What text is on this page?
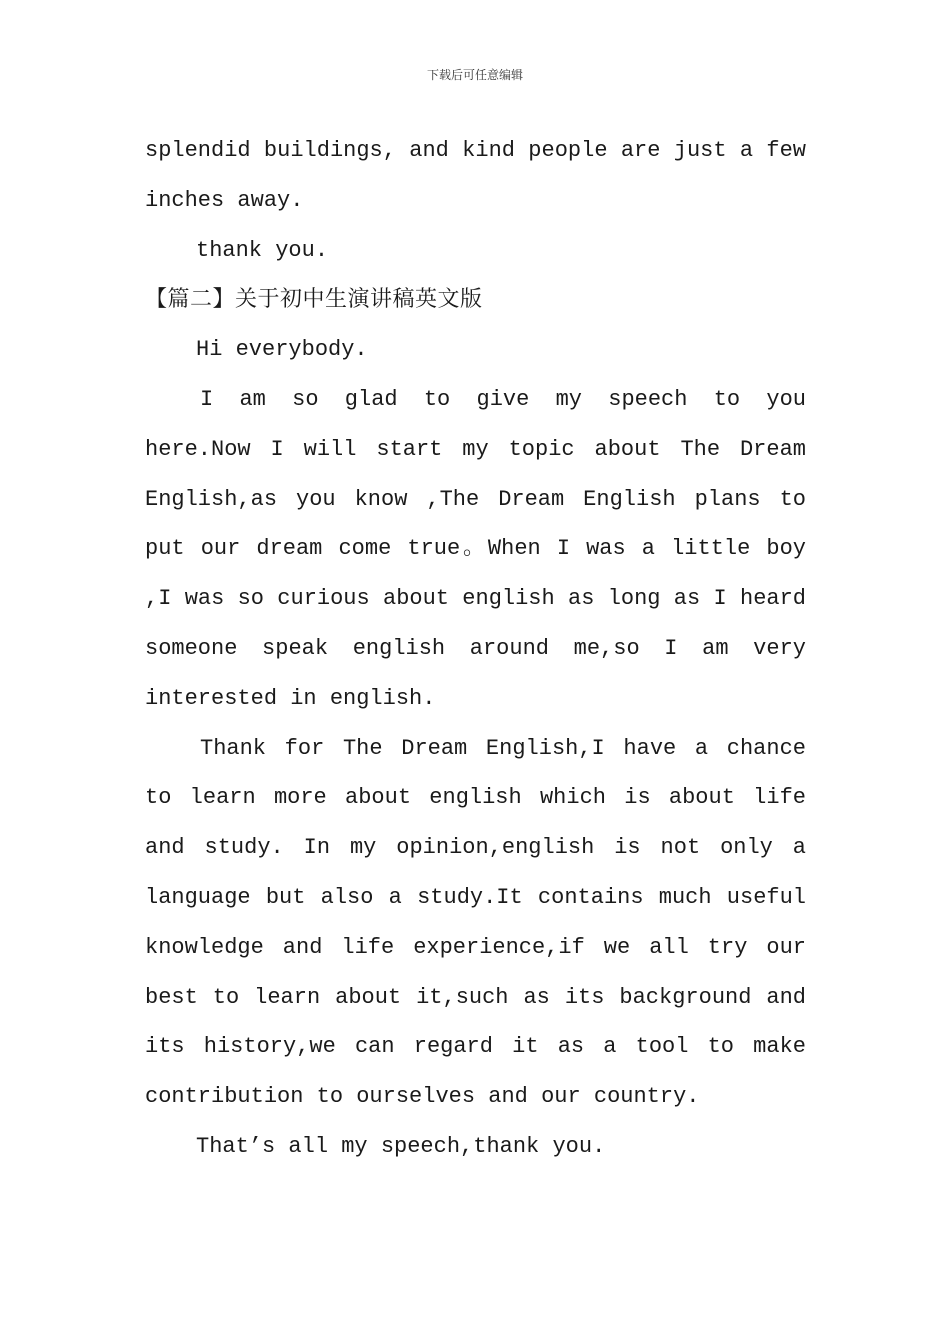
下载后可任意编辑

splendid buildings, and kind people are just a few inches away.

thank you.

【篇二】关于初中生演讲稿英文版

Hi everybody.

I am so glad to give my speech to you here.Now I will start my topic about The Dream English,as you know ,The Dream English plans to put our dream come true。When I was a little boy ,I was so curious about english as long as I heard someone speak english around me,so I am very interested in english.

Thank for The Dream English,I have a chance to learn more about english which is about life and study. In my opinion,english is not only a language but also a study.It contains much useful knowledge and life experience,if we all try our best to learn about it,such as its background and its history,we can regard it as a tool to make contribution to ourselves and our country.

That’s all my speech,thank you.
